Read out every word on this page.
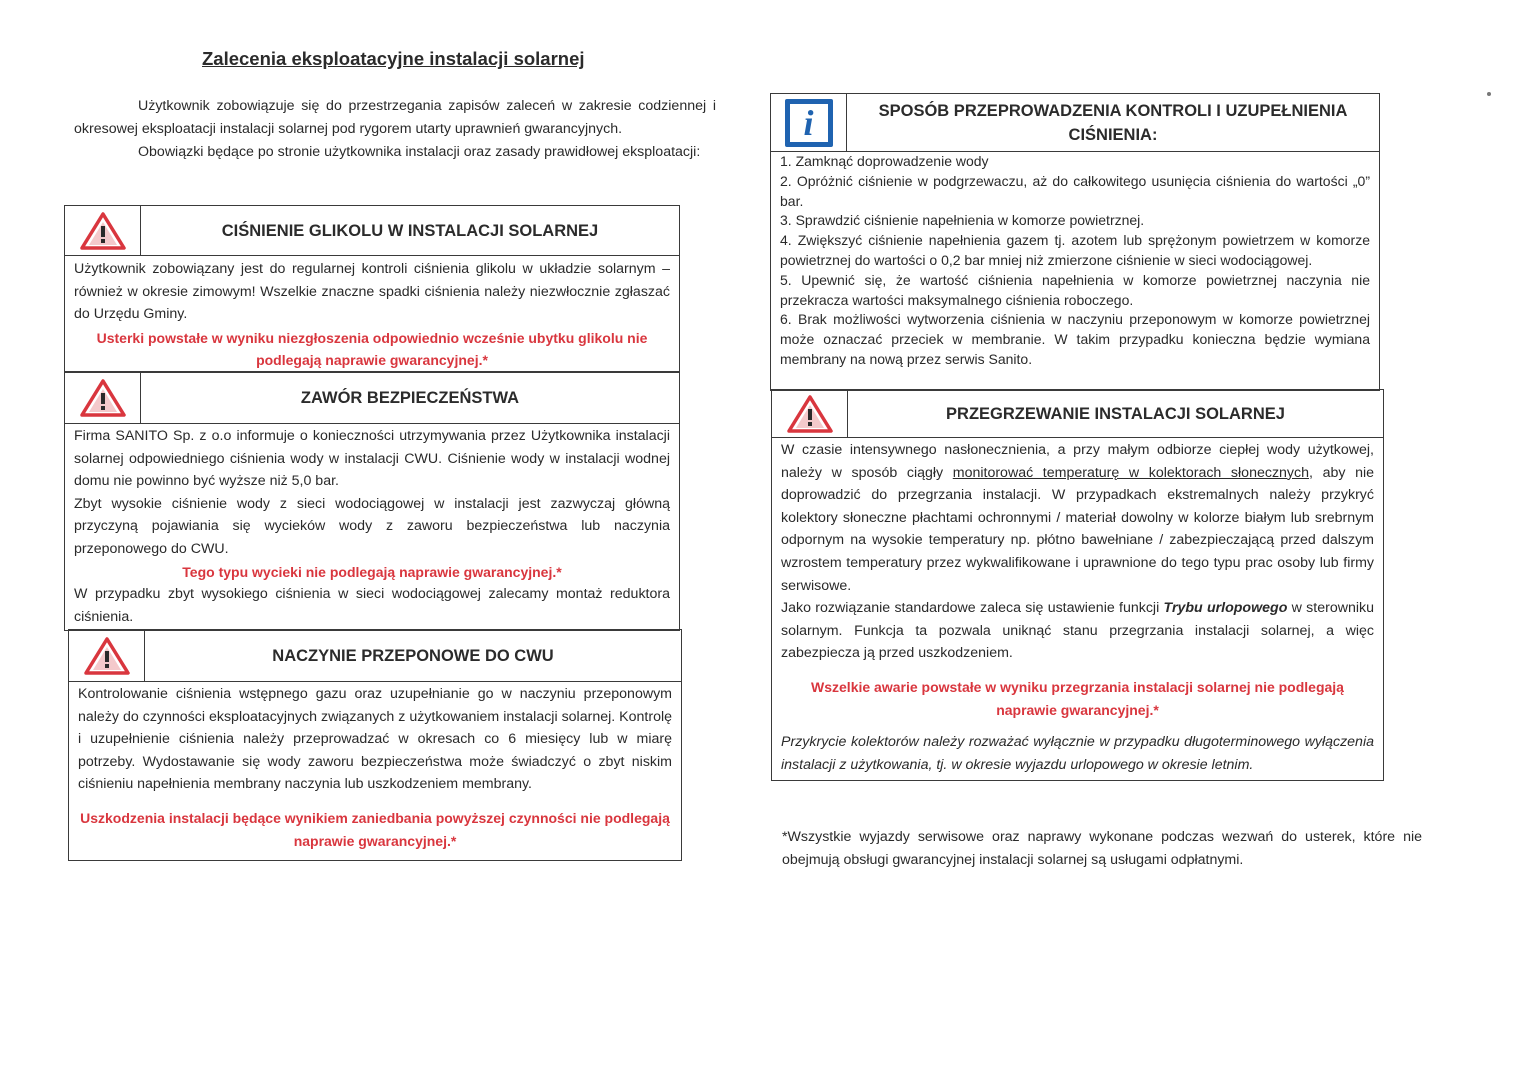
Zalecenia eksploatacyjne instalacji solarnej

Użytkownik zobowiązuje się do przestrzegania zapisów zaleceń w zakresie codziennej i okresowej eksploatacji instalacji solarnej pod rygorem utarty uprawnień gwarancyjnych.

Obowiązki będące po stronie użytkownika instalacji oraz zasady prawidłowej eksploatacji:

CIŚNIENIE GLIKOLU W INSTALACJI SOLARNEJ

Użytkownik zobowiązany jest do regularnej kontroli ciśnienia glikolu w układzie solarnym – również w okresie zimowym! Wszelkie znaczne spadki ciśnienia należy niezwłocznie zgłaszać do Urzędu Gminy.

Usterki powstałe w wyniku niezgłoszenia odpowiednio wcześnie ubytku glikolu nie podlegają naprawie gwarancyjnej.*

ZAWÓR BEZPIECZEŃSTWA

Firma SANITO Sp. z o.o informuje o konieczności utrzymywania przez Użytkownika instalacji solarnej odpowiedniego ciśnienia wody w instalacji CWU. Ciśnienie wody w instalacji wodnej domu nie powinno być wyższe niż 5,0 bar.

Zbyt wysokie ciśnienie wody z sieci wodociągowej w instalacji jest zazwyczaj główną przyczyną pojawiania się wycieków wody z zaworu bezpieczeństwa lub naczynia przeponowego do CWU.

Tego typu wycieki nie podlegają naprawie gwarancyjnej.*

W przypadku zbyt wysokiego ciśnienia w sieci wodociągowej zalecamy montaż reduktora ciśnienia.

NACZYNIE PRZEPONOWE DO CWU

Kontrolowanie ciśnienia wstępnego gazu oraz uzupełnianie go w naczyniu przeponowym należy do czynności eksploatacyjnych związanych z użytkowaniem instalacji solarnej. Kontrolę i uzupełnienie ciśnienia należy przeprowadzać w okresach co 6 miesięcy lub w miarę potrzeby. Wydostawanie się wody zaworu bezpieczeństwa może świadczyć o zbyt niskim ciśnieniu napełnienia membrany naczynia lub uszkodzeniem membrany.

Uszkodzenia instalacji będące wynikiem zaniedbania powyższej czynności nie podlegają naprawie gwarancyjnej.*

i	SPOSÓB PRZEPROWADZENIA KONTROLI I UZUPEŁNIENIA CIŚNIENIA:

1. Zamknąć doprowadzenie wody

2. Opróżnić ciśnienie w podgrzewaczu, aż do całkowitego usunięcia ciśnienia do wartości „0” bar.

3. Sprawdzić ciśnienie napełnienia w komorze powietrznej.

4. Zwiększyć ciśnienie napełnienia gazem tj. azotem lub sprężonym powietrzem w komorze powietrznej do wartości o 0,2 bar mniej niż zmierzone ciśnienie w sieci wodociągowej.

5. Upewnić się, że wartość ciśnienia napełnienia w komorze powietrznej naczynia nie przekracza wartości maksymalnego ciśnienia roboczego.

6. Brak możliwości wytworzenia ciśnienia w naczyniu przeponowym w komorze powietrznej może oznaczać przeciek w membranie. W takim przypadku konieczna będzie wymiana membrany na nową przez serwis Sanito.

PRZEGRZEWANIE INSTALACJI SOLARNEJ

W czasie intensywnego nasłonecznienia, a przy małym odbiorze ciepłej wody użytkowej, należy w sposób ciągły monitorować temperaturę w kolektorach słonecznych, aby nie doprowadzić do przegrzania instalacji. W przypadkach ekstremalnych należy przykryć kolektory słoneczne płachtami ochronnymi / materiał dowolny w kolorze białym lub srebrnym odpornym na wysokie temperatury np. płótno bawełniane / zabezpieczającą przed dalszym wzrostem temperatury przez wykwalifikowane i uprawnione do tego typu prac osoby lub firmy serwisowe.

Jako rozwiązanie standardowe zaleca się ustawienie funkcji Trybu urlopowego w sterowniku solarnym. Funkcja ta pozwala uniknąć stanu przegrzania instalacji solarnej, a więc zabezpiecza ją przed uszkodzeniem.

Wszelkie awarie powstałe w wyniku przegrzania instalacji solarnej nie podlegają naprawie gwarancyjnej.*

Przykrycie kolektorów należy rozważać wyłącznie w przypadku długoterminowego wyłączenia instalacji z użytkowania, tj. w okresie wyjazdu urlopowego w okresie letnim.

*Wszystkie wyjazdy serwisowe oraz naprawy wykonane podczas wezwań do usterek, które nie obejmują obsługi gwarancyjnej instalacji solarnej są usługami odpłatnymi.
